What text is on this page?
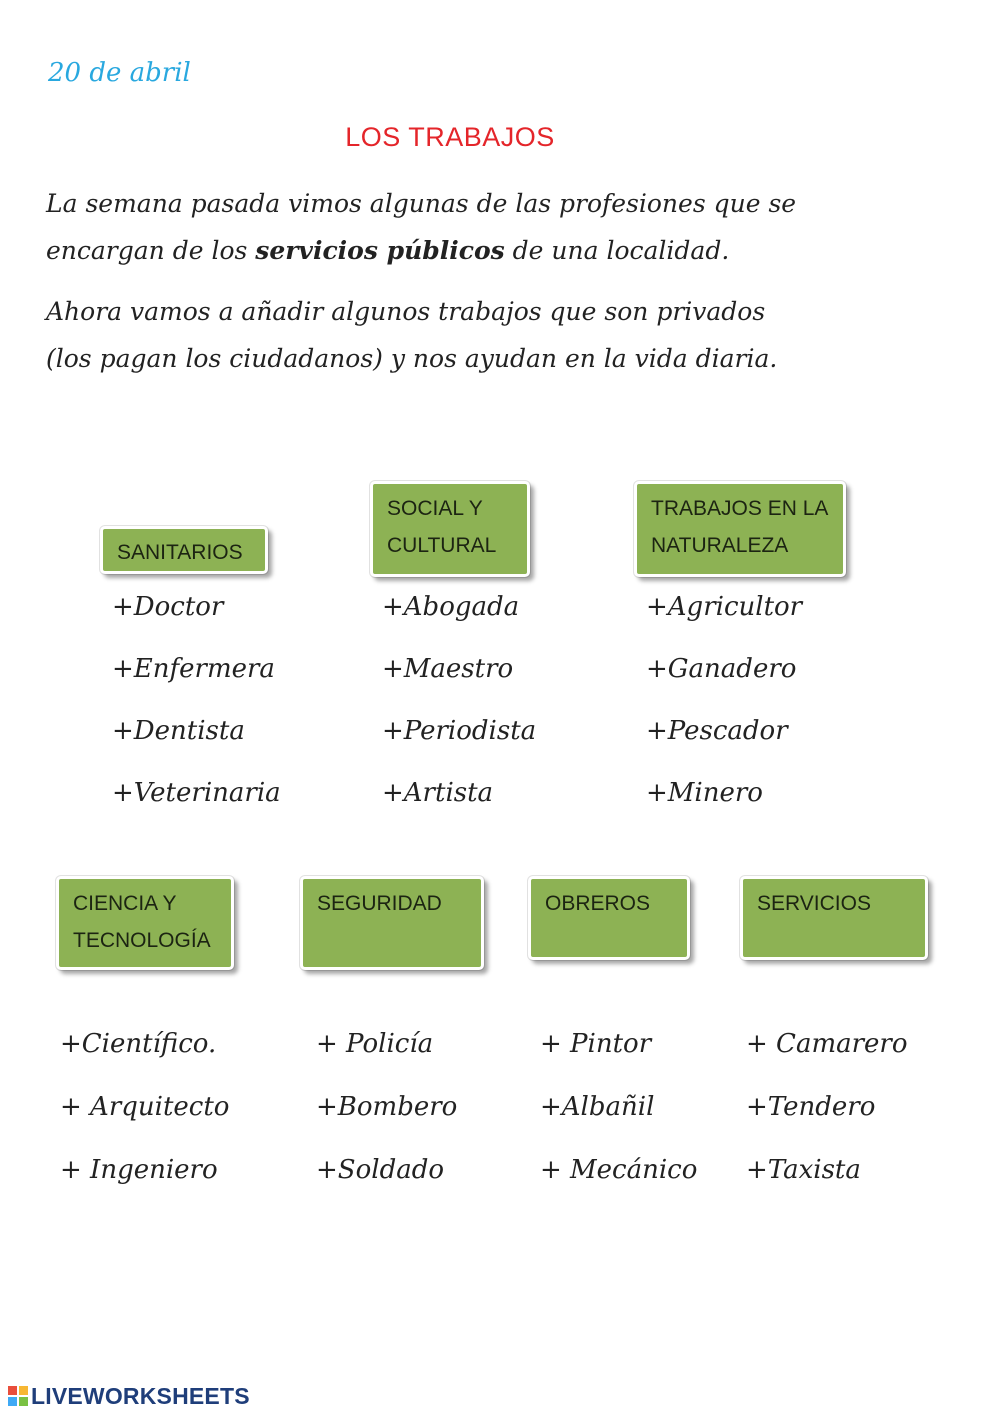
20 de abril
LOS TRABAJOS

La semana pasada vimos algunas de las profesiones que se
encargan de los servicios públicos de una localidad.

Ahora vamos a añadir algunos trabajos que son privados
(los pagan los ciudadanos) y nos ayudan en la vida diaria.

SANITARIOS
SOCIAL Y
CULTURAL
TRABAJOS EN LA
NATURALEZA
CIENCIA Y
TECNOLOGÍA
SEGURIDAD	OBREROS	SERVICIOS
+Doctor
+Enfermera
+Dentista
+Veterinaria
+Abogada
+Maestro
+Periodista
+Artista
+Agricultor
+Ganadero
+Pescador
+Minero
+Científico.
+ Arquitecto
+ Ingeniero
+ Policía
+Bombero
+Soldado
+ Pintor
+Albañil
+ Mecánico
+ Camarero
+Tendero
+Taxista
LIVEWORKSHEETS
